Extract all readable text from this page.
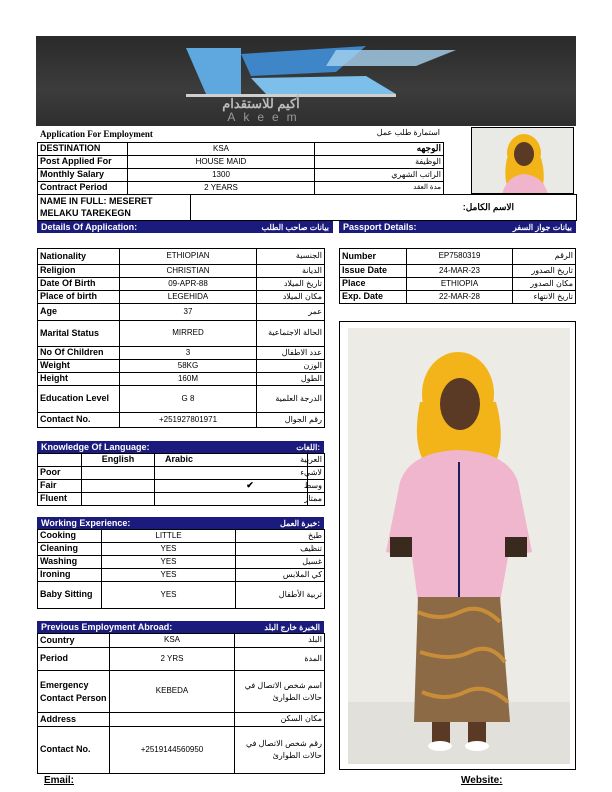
أكيم للاستقدام
Akeem
Application For Employment	استمارة طلب عمل
DESTINATION	KSA	الوجهه
Post Applied For	HOUSE MAID	الوظيفة
Monthly Salary	1300	الراتب الشهري
Contract Period	2 YEARS	مدة العقد
NAME IN FULL: MESERET MELAKU TAREKEGN	الاسم الكامل:
Details Of Application:	بيانات صاحب الطلب Passport Details:	بيانات جواز السفر
Nationality	ETHIOPIAN	الجنسية
Religion	CHRISTIAN	الديانة
Date Of Birth	09-APR-88	تاريخ الميلاد
Place of birth	LEGEHIDA	مكان الميلاد
Age	37	عمر
Marital Status	MIRRED	الحالة الاجتماعية
No Of Children	3	عدد الاطفال
Weight	58KG	الوزن
Height	160M	الطول
Education Level	G 8	الدرجة العلمية
Contact No.	+251927801971	رقم الجوال
Number	EP7580319	الرقم
Issue Date	24-MAR-23	تاريخ الصدور
Place	ETHIOPIA	مكان الصدور
Exp. Date	22-MAR-28	تاريخ الانتهاء
Knowledge Of Language:	اللغات:
	English	Arabic	العربية
Poor			لاشيء
Fair		✔	وسط
Fluent			ممتاز
Working Experience:	خبرة العمل:
Cooking	LITTLE	طبخ
Cleaning	YES	تنظيف
Washing	YES	غسيل
Ironing	YES	كي الملابس
Baby Sitting	YES	تربية الأطفال
Previous Employment Abroad:	الخبرة خارج البلد
Country	KSA	البلد
Period	2 YRS	المدة
Emergency Contact Person	KEBEDA	اسم شخص الاتصال في حالات الطوارئ
Address		مكان السكن
Contact No.	+2519144560950	رقم شخص الاتصال في حالات الطوارئ
Email:	Website:
